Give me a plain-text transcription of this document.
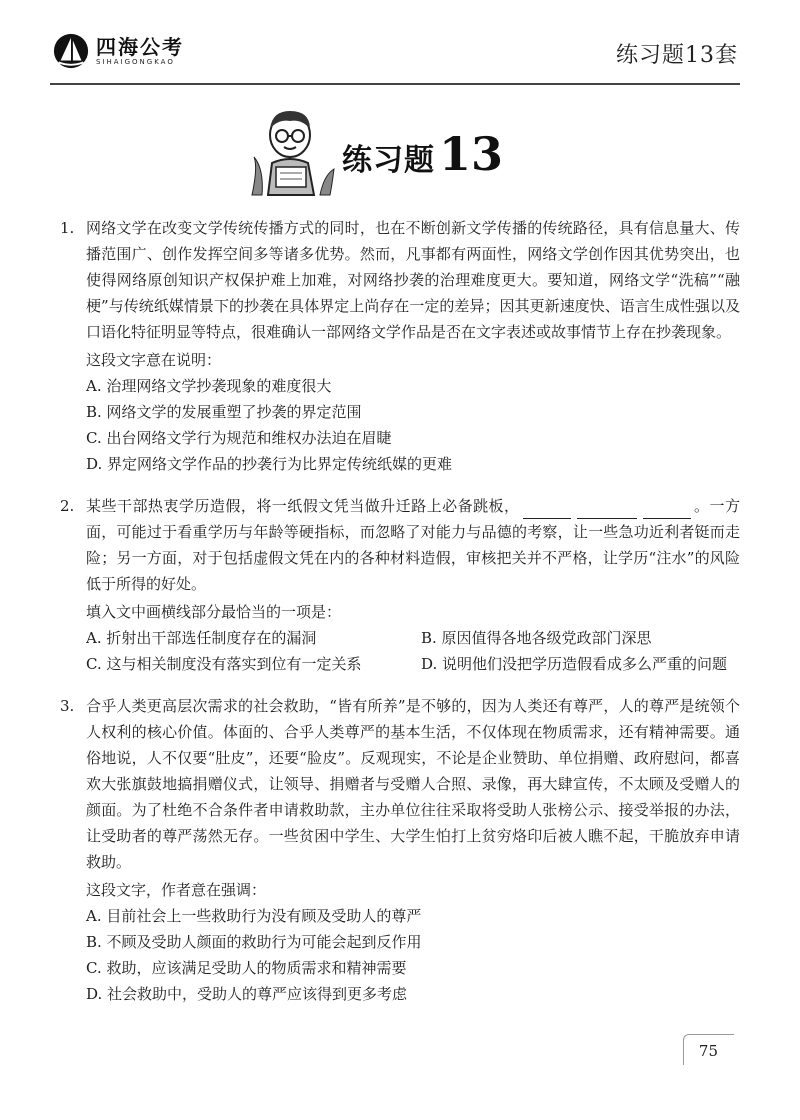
四海公考
SIHAIGONGKAO	练习题13套
练习题 13
1. 网络文学在改变文学传统传播方式的同时，也在不断创新文学传播的传统路径，具有信息量大、传播范围广、创作发挥空间多等诸多优势。然而，凡事都有两面性，网络文学创作因其优势突出，也使得网络原创知识产权保护难上加难，对网络抄袭的治理难度更大。要知道，网络文学“洗稿”“融梗”与传统纸媒情景下的抄袭在具体界定上尚存在一定的差异；因其更新速度快、语言生成性强以及口语化特征明显等特点，很难确认一部网络文学作品是否在文字表述或故事情节上存在抄袭现象。
这段文字意在说明：
A. 治理网络文学抄袭现象的难度很大
B. 网络文学的发展重塑了抄袭的界定范围
C. 出台网络文学行为规范和维权办法迫在眉睫
D. 界定网络文学作品的抄袭行为比界定传统纸媒的更难
2. 某些干部热衷学历造假，将一纸假文凭当做升迁路上必备跳板，	。一方面，可能过于看重学历与年龄等硬指标，而忽略了对能力与品德的考察，让一些急功近利者铤而走险；另一方面，对于包括虚假文凭在内的各种材料造假，审核把关并不严格，让学历“注水”的风险低于所得的好处。
填入文中画横线部分最恰当的一项是：
A. 折射出干部选任制度存在的漏洞	B. 原因值得各地各级党政部门深思
C. 这与相关制度没有落实到位有一定关系	D. 说明他们没把学历造假看成多么严重的问题
3. 合乎人类更高层次需求的社会救助，“皆有所养”是不够的，因为人类还有尊严，人的尊严是统领个人权利的核心价值。体面的、合乎人类尊严的基本生活，不仅体现在物质需求，还有精神需要。通俗地说，人不仅要“肚皮”，还要“脸皮”。反观现实，不论是企业赞助、单位捐赠、政府慰问，都喜欢大张旗鼓地搞捐赠仪式，让领导、捐赠者与受赠人合照、录像，再大肆宣传，不太顾及受赠人的颜面。为了杜绝不合条件者申请救助款，主办单位往往采取将受助人张榜公示、接受举报的办法，让受助者的尊严荡然无存。一些贫困中学生、大学生怕打上贫穷烙印后被人瞧不起，干脆放弃申请救助。
这段文字，作者意在强调：
A. 目前社会上一些救助行为没有顾及受助人的尊严
B. 不顾及受助人颜面的救助行为可能会起到反作用
C. 救助，应该满足受助人的物质需求和精神需要
D. 社会救助中，受助人的尊严应该得到更多考虑
75
